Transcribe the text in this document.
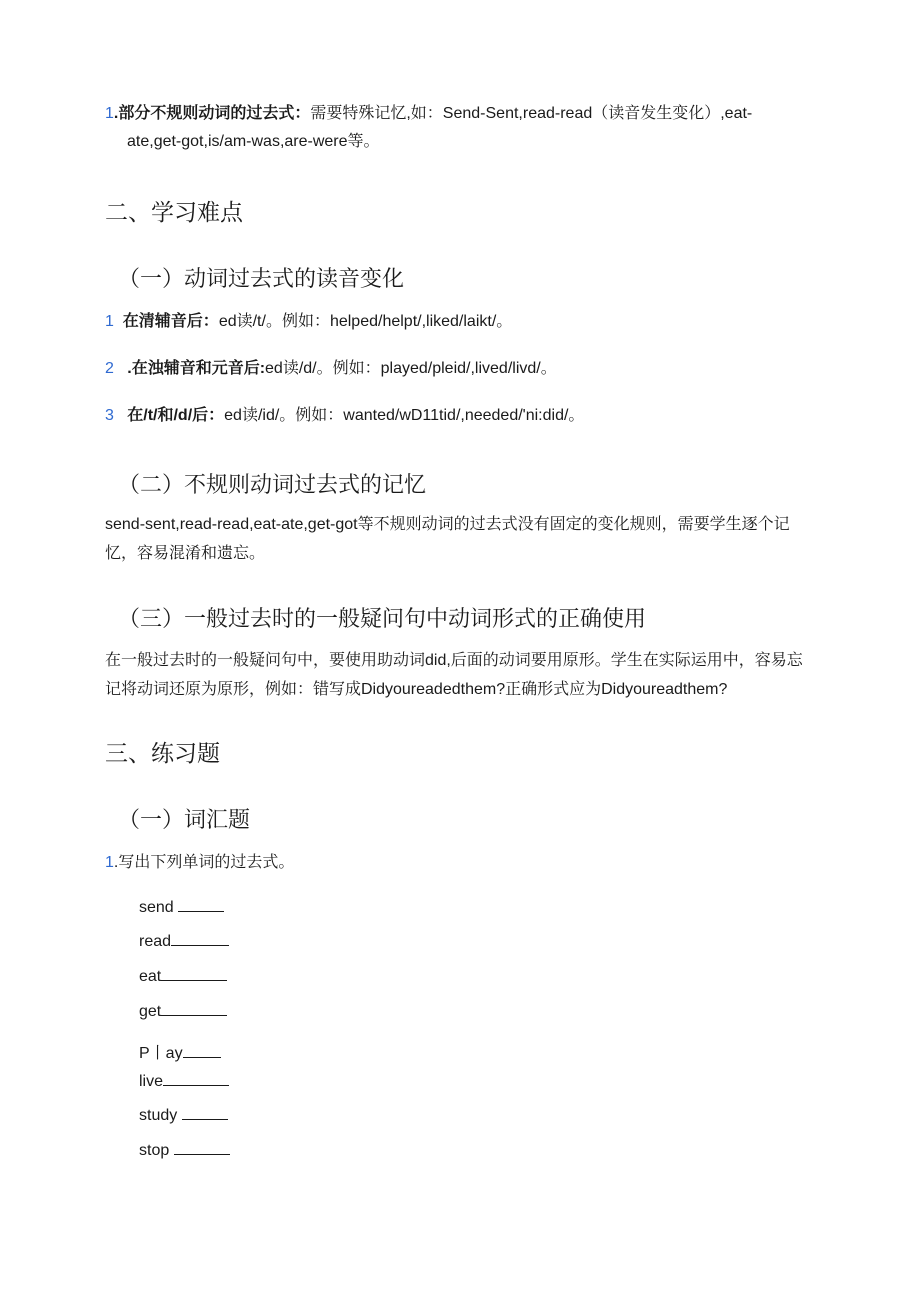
1.部分不规则动词的过去式：需要特殊记忆,如：Send-Sent,read-read（读音发生变化）,eat-
ate,get-got,is/am-was,are-were等。
二、学习难点
（一）动词过去式的读音变化
1 在清辅音后：ed读/t/。例如：helped/helpt/,liked/laikt/。
2 .在浊辅音和元音后:ed读/d/。例如：played/pleid/,lived/livd/。
3 在/t/和/d/后：ed读/id/。例如：wanted/wD11tid/,needed/'ni:did/。
（二）不规则动词过去式的记忆
send-sent,read-read,eat-ate,get-got等不规则动词的过去式没有固定的变化规则，需要学生逐个记忆，容易混淆和遗忘。
（三）一般过去时的一般疑问句中动词形式的正确使用
在一般过去时的一般疑问句中，要使用助动词did,后面的动词要用原形。学生在实际运用中，容易忘记将动词还原为原形，例如：错写成Didyoureadedthem?正确形式应为Didyoureadthem?
三、练习题
（一）词汇题
1.写出下列单词的过去式。
send
read
eat
get
P丨ay
live
study
stop
